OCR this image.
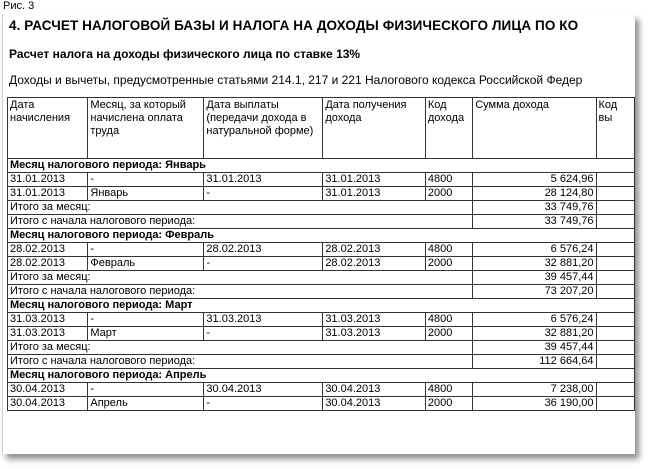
Рис. 3
4. РАСЧЕТ НАЛОГОВОЙ БАЗЫ И НАЛОГА НА ДОХОДЫ ФИЗИЧЕСКОГО ЛИЦА ПО КО
Расчет налога на доходы физического лица по ставке 13%
Доходы и вычеты, предусмотренные статьями 214.1, 217 и 221 Налогового кодекса Российской Федер
Дата начисления	Месяц, за который начислена оплата труда	Дата выплаты (передачи дохода в натуральной форме)	Дата получения дохода	Код дохода	Сумма дохода	Код вы
Месяц налогового периода: Январь						
31.01.2013	-	31.01.2013	31.01.2013	4800	5 624,96	
31.01.2013	Январь	-	31.01.2013	2000	28 124,80	
Итого за месяц:					33 749,76	
Итого с начала налогового периода:					33 749,76	
Месяц налогового периода: Февраль						
28.02.2013	-	28.02.2013	28.02.2013	4800	6 576,24	
28.02.2013	Февраль	-	28.02.2013	2000	32 881,20	
Итого за месяц:					39 457,44	
Итого с начала налогового периода:					73 207,20	
Месяц налогового периода: Март						
31.03.2013	-	31.03.2013	31.03.2013	4800	6 576,24	
31.03.2013	Март	-	31.03.2013	2000	32 881,20	
Итого за месяц:					39 457,44	
Итого с начала налогового периода:					112 664,64	
Месяц налогового периода: Апрель						
30.04.2013	-	30.04.2013	30.04.2013	4800	7 238,00	
30.04.2013	Апрель	-	30.04.2013	2000	36 190,00	
